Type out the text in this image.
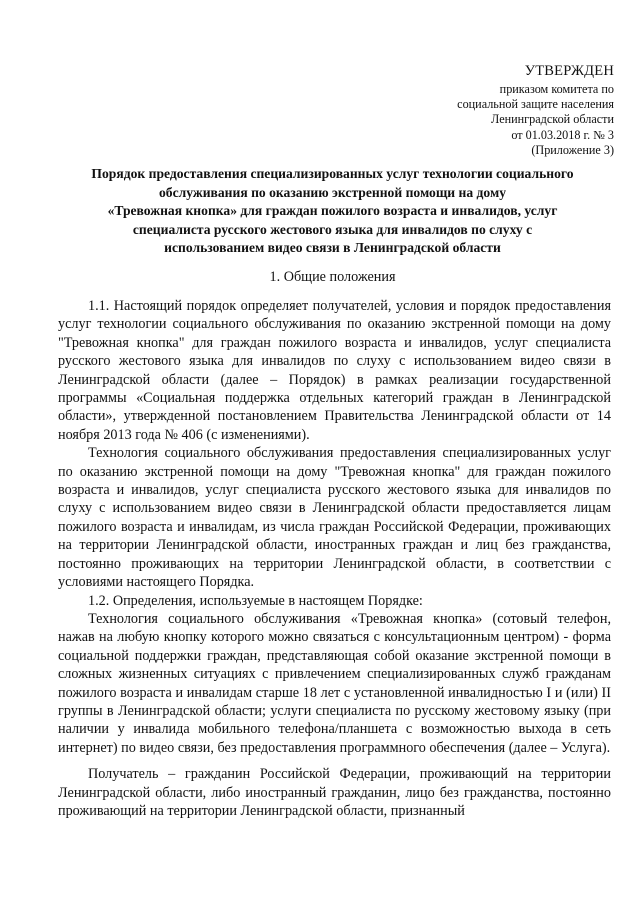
УТВЕРЖДЕН
приказом комитета по
социальной защите населения
Ленинградской области
от 01.03.2018 г. № 3
(Приложение 3)
Порядок предоставления специализированных услуг технологии социального
обслуживания по оказанию экстренной помощи на дому
«Тревожная кнопка» для граждан пожилого возраста и инвалидов, услуг
специалиста русского жестового языка для инвалидов по слуху с
использованием видео связи в Ленинградской области
1. Общие положения

1.1. Настоящий порядок определяет получателей, условия и порядок предоставления услуг технологии социального обслуживания по оказанию экстренной помощи на дому "Тревожная кнопка" для граждан пожилого возраста и инвалидов, услуг специалиста русского жестового языка для инвалидов по слуху с использованием видео связи в Ленинградской области (далее – Порядок) в рамках реализации государственной программы «Социальная поддержка отдельных категорий граждан в Ленинградской области», утвержденной постановлением Правительства Ленинградской области от 14 ноября 2013 года № 406 (с изменениями).

Технология социального обслуживания предоставления специализированных услуг по оказанию экстренной помощи на дому "Тревожная кнопка" для граждан пожилого возраста и инвалидов, услуг специалиста русского жестового языка для инвалидов по слуху с использованием видео связи в Ленинградской области предоставляется лицам пожилого возраста и инвалидам, из числа граждан Российской Федерации, проживающих на территории Ленинградской области, иностранных граждан и лиц без гражданства, постоянно проживающих на территории Ленинградской области, в соответствии с условиями настоящего Порядка.

1.2. Определения, используемые в настоящем Порядке:

Технология социального обслуживания «Тревожная кнопка» (сотовый телефон, нажав на любую кнопку которого можно связаться с консультационным центром) - форма социальной поддержки граждан, представляющая собой оказание экстренной помощи в сложных жизненных ситуациях с привлечением специализированных служб гражданам пожилого возраста и инвалидам старше 18 лет с установленной инвалидностью I и (или) II группы в Ленинградской области; услуги специалиста по русскому жестовому языку (при наличии у инвалида мобильного телефона/планшета с возможностью выхода в сеть интернет) по видео связи, без предоставления программного обеспечения (далее – Услуга).

Получатель – гражданин Российской Федерации, проживающий на территории Ленинградской области, либо иностранный гражданин, лицо без гражданства, постоянно проживающий на территории Ленинградской области, признанный
